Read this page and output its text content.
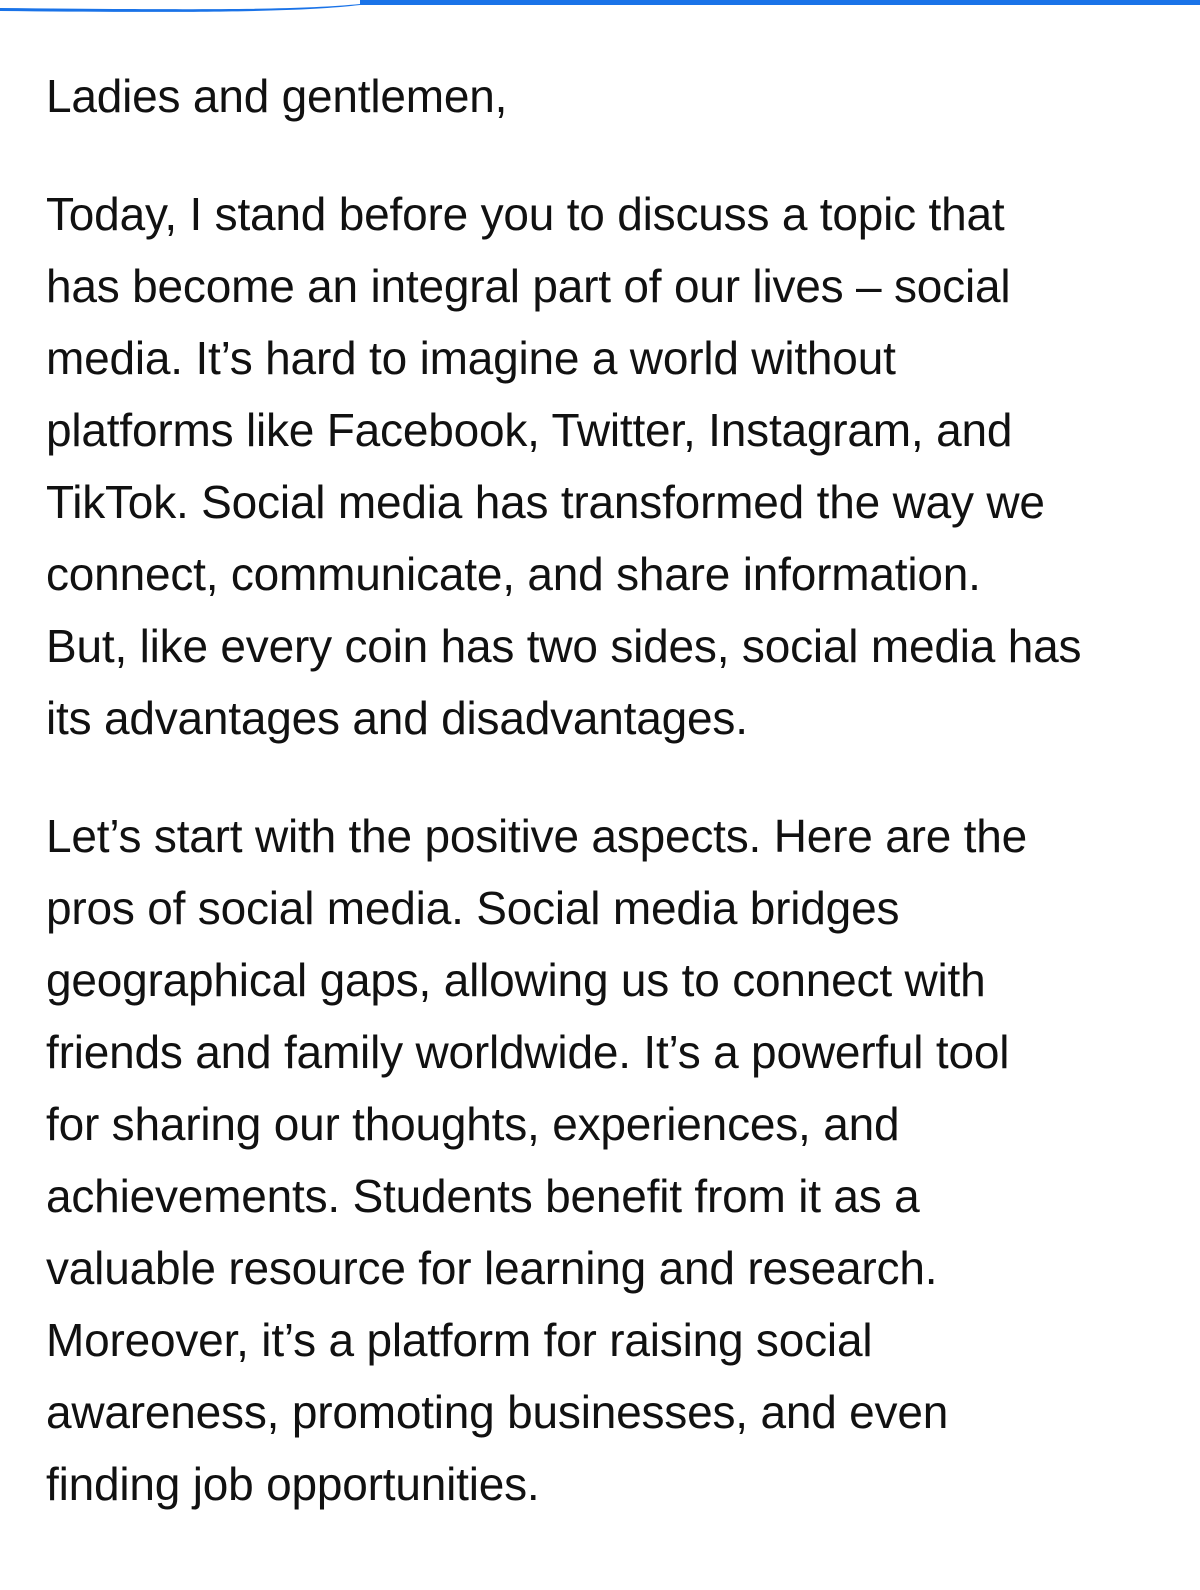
Ladies and gentlemen,

Today, I stand before you to discuss a topic that
has become an integral part of our lives – social
media. It’s hard to imagine a world without
platforms like Facebook, Twitter, Instagram, and
TikTok. Social media has transformed the way we
connect, communicate, and share information.
But, like every coin has two sides, social media has
its advantages and disadvantages.

Let’s start with the positive aspects. Here are the
pros of social media. Social media bridges
geographical gaps, allowing us to connect with
friends and family worldwide. It’s a powerful tool
for sharing our thoughts, experiences, and
achievements. Students benefit from it as a
valuable resource for learning and research.
Moreover, it’s a platform for raising social
awareness, promoting businesses, and even
finding job opportunities.
